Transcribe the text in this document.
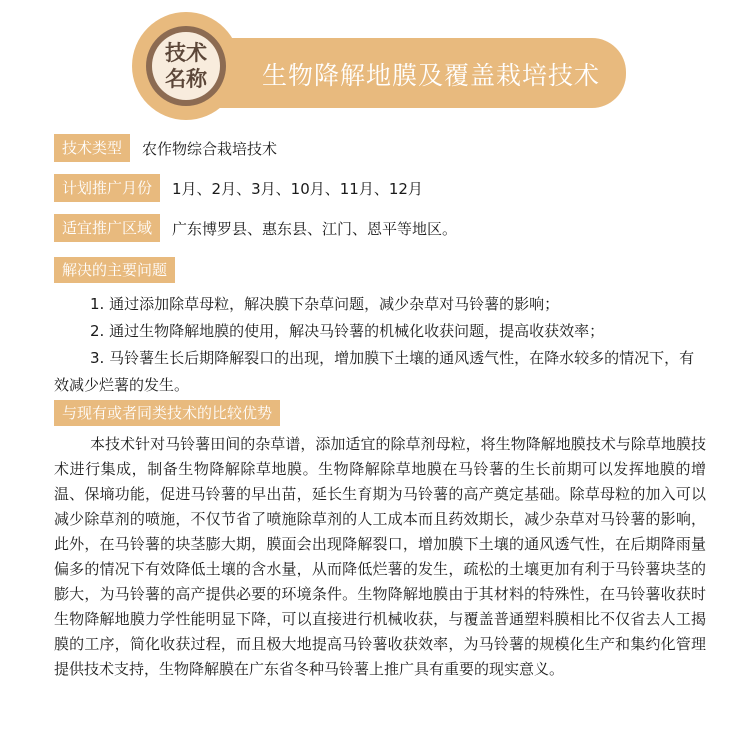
生物降解地膜及覆盖栽培技术
技术
名称
技术类型	农作物综合栽培技术
计划推广月份	1月、2月、3月、10月、11月、12月
适宜推广区域	广东博罗县、惠东县、江门、恩平等地区。
解决的主要问题

1. 通过添加除草母粒，解决膜下杂草问题，减少杂草对马铃薯的影响；

2. 通过生物降解地膜的使用，解决马铃薯的机械化收获问题，提高收获效率；

3. 马铃薯生长后期降解裂口的出现，增加膜下土壤的通风透气性，在降水较多的情况下，有效减少烂薯的发生。

与现有或者同类技术的比较优势

本技术针对马铃薯田间的杂草谱，添加适宜的除草剂母粒，将生物降解地膜技术与除草地膜技术进行集成，制备生物降解除草地膜。生物降解除草地膜在马铃薯的生长前期可以发挥地膜的增温、保墒功能，促进马铃薯的早出苗，延长生育期为马铃薯的高产奠定基础。除草母粒的加入可以减少除草剂的喷施，不仅节省了喷施除草剂的人工成本而且药效期长，减少杂草对马铃薯的影响，此外，在马铃薯的块茎膨大期，膜面会出现降解裂口，增加膜下土壤的通风透气性，在后期降雨量偏多的情况下有效降低土壤的含水量，从而降低烂薯的发生，疏松的土壤更加有利于马铃薯块茎的膨大，为马铃薯的高产提供必要的环境条件。生物降解地膜由于其材料的特殊性，在马铃薯收获时生物降解地膜力学性能明显下降，可以直接进行机械收获，与覆盖普通塑料膜相比不仅省去人工揭膜的工序，简化收获过程，而且极大地提高马铃薯收获效率，为马铃薯的规模化生产和集约化管理提供技术支持，生物降解膜在广东省冬种马铃薯上推广具有重要的现实意义。
